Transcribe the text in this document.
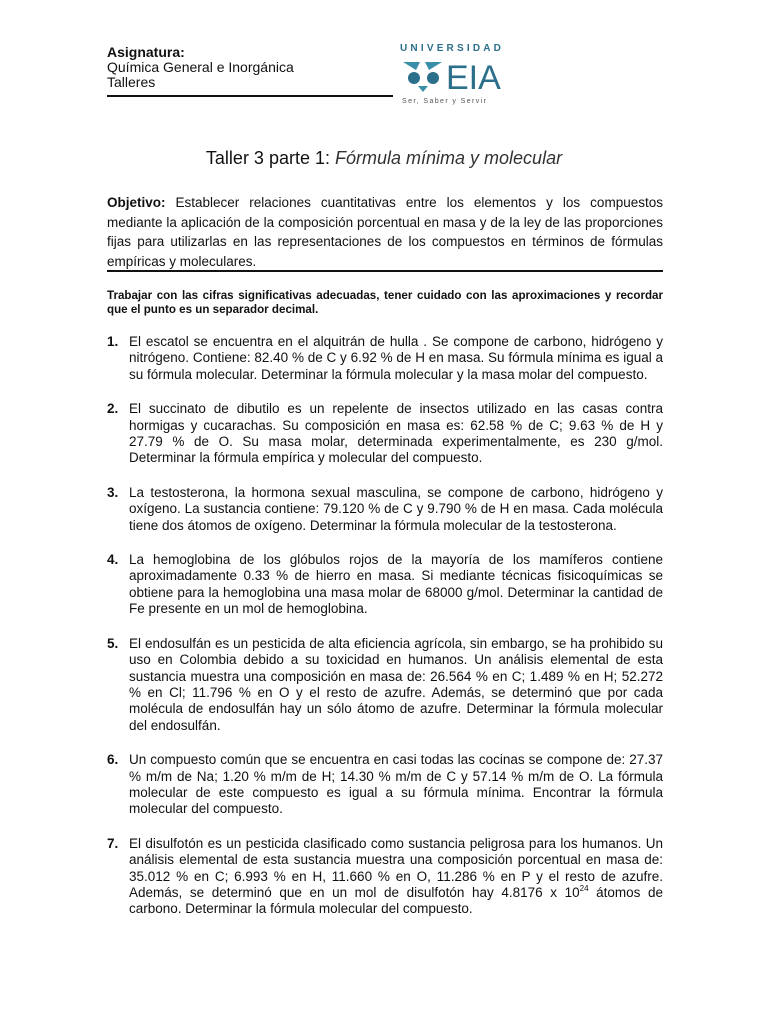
Asignatura:
Química General e Inorgánica
Talleres
UNIVERSIDAD
EIA
Ser, Saber y Servir
Taller 3 parte 1: Fórmula mínima y molecular
Objetivo: Establecer relaciones cuantitativas entre los elementos y los compuestos mediante la aplicación de la composición porcentual en masa y de la ley de las proporciones fijas para utilizarlas en las representaciones de los compuestos en términos de fórmulas empíricas y moleculares.
Trabajar con las cifras significativas adecuadas, tener cuidado con las aproximaciones y recordar que el punto es un separador decimal.
1. El escatol se encuentra en el alquitrán de hulla . Se compone de carbono, hidrógeno y nitrógeno. Contiene: 82.40 % de C y 6.92 % de H en masa. Su fórmula mínima es igual a su fórmula molecular. Determinar la fórmula molecular y la masa molar del compuesto.
2. El succinato de dibutilo es un repelente de insectos utilizado en las casas contra hormigas y cucarachas. Su composición en masa es: 62.58 % de C; 9.63 % de H y 27.79 % de O. Su masa molar, determinada experimentalmente, es 230 g/mol. Determinar la fórmula empírica y molecular del compuesto.
3. La testosterona, la hormona sexual masculina, se compone de carbono, hidrógeno y oxígeno. La sustancia contiene: 79.120 % de C y 9.790 % de H en masa. Cada molécula tiene dos átomos de oxígeno. Determinar la fórmula molecular de la testosterona.
4. La hemoglobina de los glóbulos rojos de la mayoría de los mamíferos contiene aproximadamente 0.33 % de hierro en masa. Si mediante técnicas fisicoquímicas se obtiene para la hemoglobina una masa molar de 68000 g/mol. Determinar la cantidad de Fe presente en un mol de hemoglobina.
5. El endosulfán es un pesticida de alta eficiencia agrícola, sin embargo, se ha prohibido su uso en Colombia debido a su toxicidad en humanos. Un análisis elemental de esta sustancia muestra una composición en masa de: 26.564 % en C; 1.489 % en H; 52.272 % en Cl; 11.796 % en O y el resto de azufre. Además, se determinó que por cada molécula de endosulfán hay un sólo átomo de azufre. Determinar la fórmula molecular del endosulfán.
6. Un compuesto común que se encuentra en casi todas las cocinas se compone de: 27.37 % m/m de Na; 1.20 % m/m de H; 14.30 % m/m de C y 57.14 % m/m de O. La fórmula molecular de este compuesto es igual a su fórmula mínima. Encontrar la fórmula molecular del compuesto.
7. El disulfotón es un pesticida clasificado como sustancia peligrosa para los humanos. Un análisis elemental de esta sustancia muestra una composición porcentual en masa de: 35.012 % en C; 6.993 % en H, 11.660 % en O, 11.286 % en P y el resto de azufre. Además, se determinó que en un mol de disulfotón hay 4.8176 x $10^{24}$ átomos de carbono. Determinar la fórmula molecular del compuesto.
